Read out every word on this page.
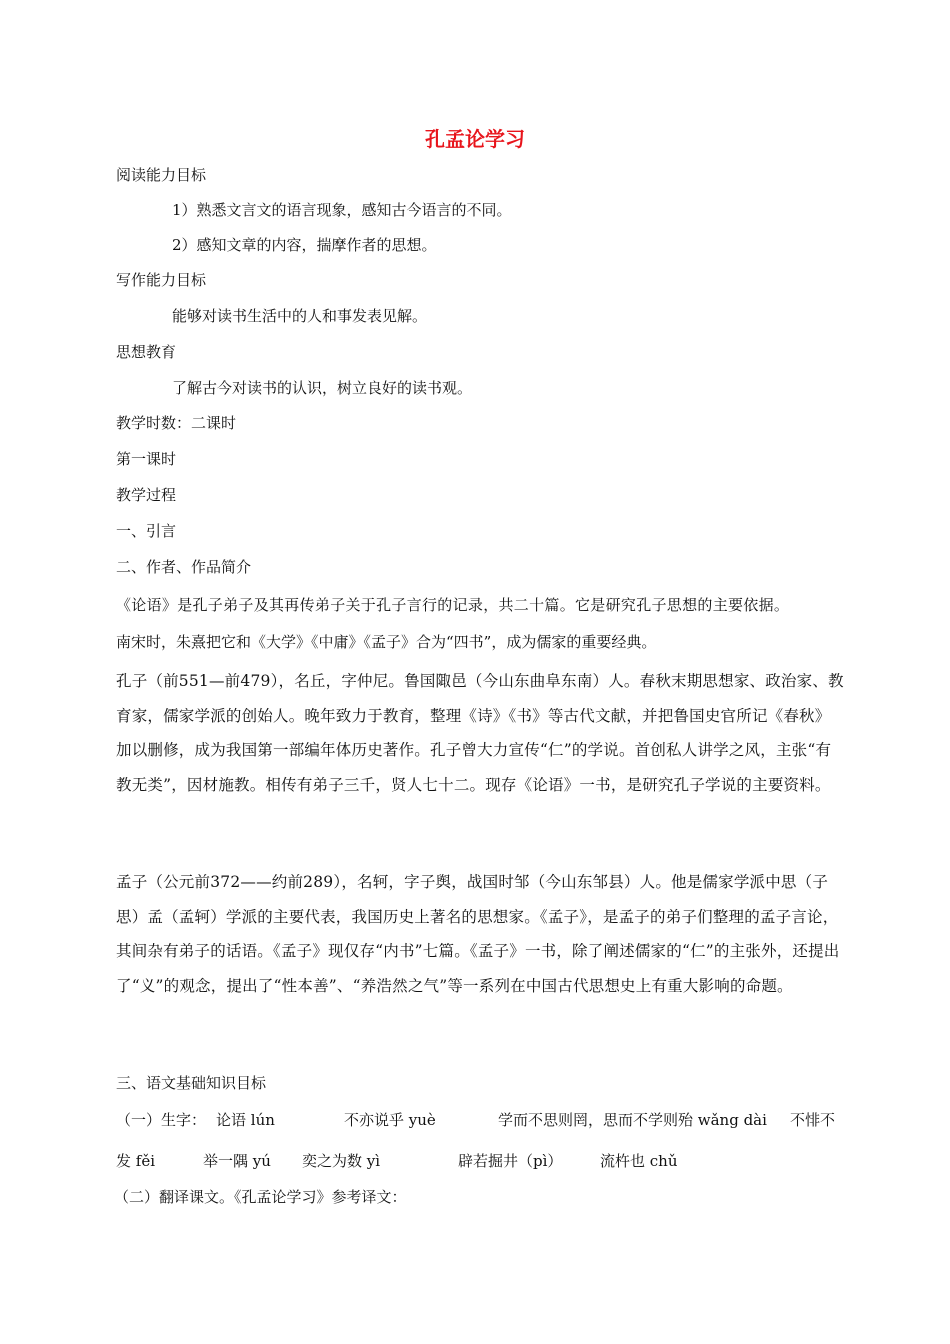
孔孟论学习
阅读能力目标
1）熟悉文言文的语言现象，感知古今语言的不同。
2）感知文章的内容，揣摩作者的思想。
写作能力目标
能够对读书生活中的人和事发表见解。
思想教育
了解古今对读书的认识，树立良好的读书观。
教学时数：二课时
第一课时
教学过程
一、引言
二、作者、作品简介
《论语》是孔子弟子及其再传弟子关于孔子言行的记录，共二十篇。它是研究孔子思想的主要依据。
南宋时，朱熹把它和《大学》《中庸》《孟子》合为“四书”，成为儒家的重要经典。
孔子（前551—前479），名丘，字仲尼。鲁国陬邑（今山东曲阜东南）人。春秋末期思想家、政治家、教育家，儒家学派的创始人。晚年致力于教育，整理《诗》《书》等古代文献，并把鲁国史官所记《春秋》加以删修，成为我国第一部编年体历史著作。孔子曾大力宣传“仁”的学说。首创私人讲学之风，主张“有教无类”，因材施教。相传有弟子三千，贤人七十二。现存《论语》一书，是研究孔子学说的主要资料。
孟子（公元前372——约前289），名轲，字子舆，战国时邹（今山东邹县）人。他是儒家学派中思（子思）孟（孟轲）学派的主要代表，我国历史上著名的思想家。《孟子》，是孟子的弟子们整理的孟子言论，其间杂有弟子的话语。《孟子》现仅存“内书”七篇。《孟子》一书，除了阐述儒家的“仁”的主张外，还提出了“义”的观念，提出了“性本善”、“养浩然之气”等一系列在中国古代思想史上有重大影响的命题。
三、语文基础知识目标
（一）生字： 论语 lún	不亦说乎 yuè	学而不思则罔，思而不学则殆 wǎng dài 不悱不
发 fěi	举一隅 yú 奕之为数 yì	辟若掘井（pì）	流杵也 chǔ
（二）翻译课文。《孔孟论学习》参考译文：
